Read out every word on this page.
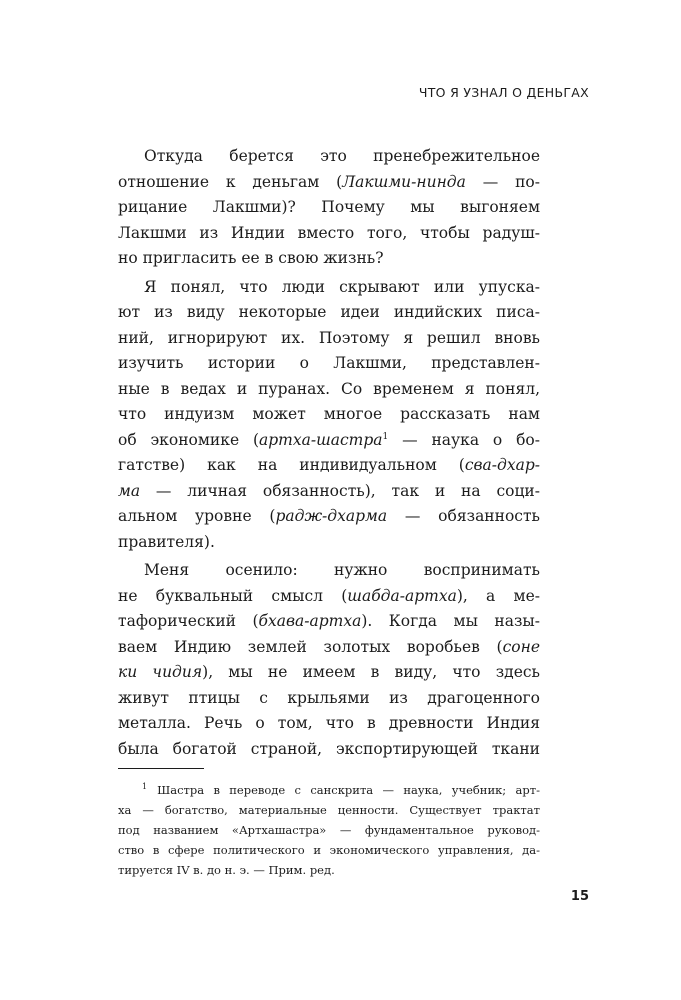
ЧТО Я УЗНАЛ О ДЕНЬГАХ
Откуда берется это пренебрежительное
отношение к деньгам (Лакшми-нинда — по-
рицание Лакшми)? Почему мы выгоняем
Лакшми из Индии вместо того, чтобы радуш-
но пригласить ее в свою жизнь?
Я понял, что люди скрывают или упуска-
ют из виду некоторые идеи индийских писа-
ний, игнорируют их. Поэтому я решил вновь
изучить истории о Лакшми, представлен-
ные в ведах и пуранах. Со временем я понял,
что индуизм может многое рассказать нам
об экономике (артха-шастра$^1$ — наука о бо-
гатстве) как на индивидуальном (сва-дхар-
ма — личная обязанность), так и на соци-
альном уровне (радж-дхарма — обязанность
правителя).
Меня осенило: нужно воспринимать
не буквальный смысл (шабда-артха), а ме-
тафорический (бхава-артха). Когда мы назы-
ваем Индию землей золотых воробьев (соне
ки чидия), мы не имеем в виду, что здесь
живут птицы с крыльями из драгоценного
металла. Речь о том, что в древности Индия
была богатой страной, экспортирующей ткани
$^1$ Шастра в переводе с санскрита — наука, учебник; арт-
ха — богатство, материальные ценности. Существует трактат
под названием «Артхашастра» — фундаментальное руковод-
ство в сфере политического и экономического управления, да-
тируется IV в. до н. э. — Прим. ред.
15
